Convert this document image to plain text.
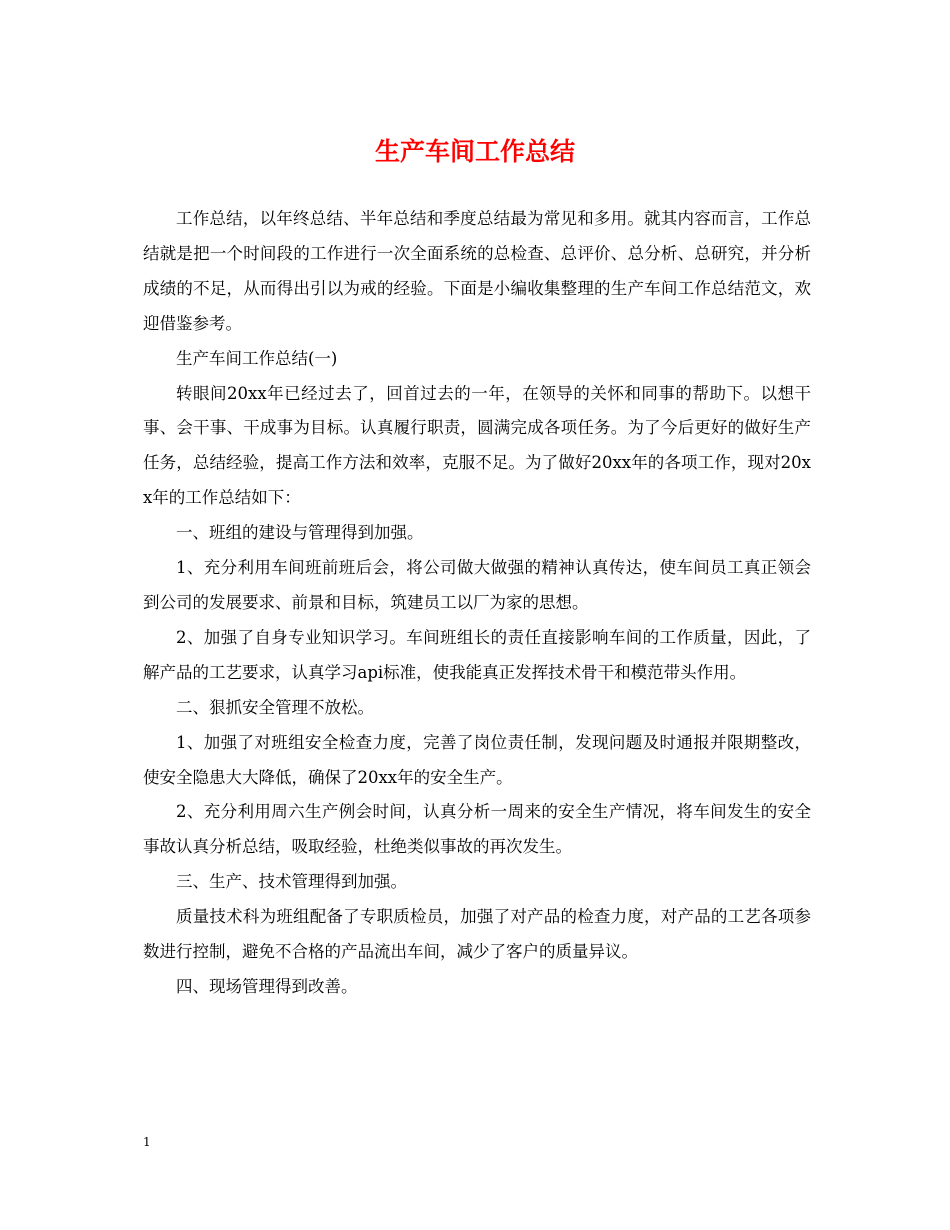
生产车间工作总结

工作总结，以年终总结、半年总结和季度总结最为常见和多用。就其内容而言，工作总结就是把一个时间段的工作进行一次全面系统的总检查、总评价、总分析、总研究，并分析成绩的不足，从而得出引以为戒的经验。下面是小编收集整理的生产车间工作总结范文，欢迎借鉴参考。

生产车间工作总结(一)

转眼间20xx年已经过去了，回首过去的一年，在领导的关怀和同事的帮助下。以想干事、会干事、干成事为目标。认真履行职责，圆满完成各项任务。为了今后更好的做好生产任务，总结经验，提高工作方法和效率，克服不足。为了做好20xx年的各项工作，现对20xx年的工作总结如下：

一、班组的建设与管理得到加强。

1、充分利用车间班前班后会，将公司做大做强的精神认真传达，使车间员工真正领会到公司的发展要求、前景和目标，筑建员工以厂为家的思想。

2、加强了自身专业知识学习。车间班组长的责任直接影响车间的工作质量，因此，了解产品的工艺要求，认真学习api标准，使我能真正发挥技术骨干和模范带头作用。

二、狠抓安全管理不放松。

1、加强了对班组安全检查力度，完善了岗位责任制，发现问题及时通报并限期整改，使安全隐患大大降低，确保了20xx年的安全生产。

2、充分利用周六生产例会时间，认真分析一周来的安全生产情况，将车间发生的安全事故认真分析总结，吸取经验，杜绝类似事故的再次发生。

三、生产、技术管理得到加强。

质量技术科为班组配备了专职质检员，加强了对产品的检查力度，对产品的工艺各项参数进行控制，避免不合格的产品流出车间，减少了客户的质量异议。

四、现场管理得到改善。

1
